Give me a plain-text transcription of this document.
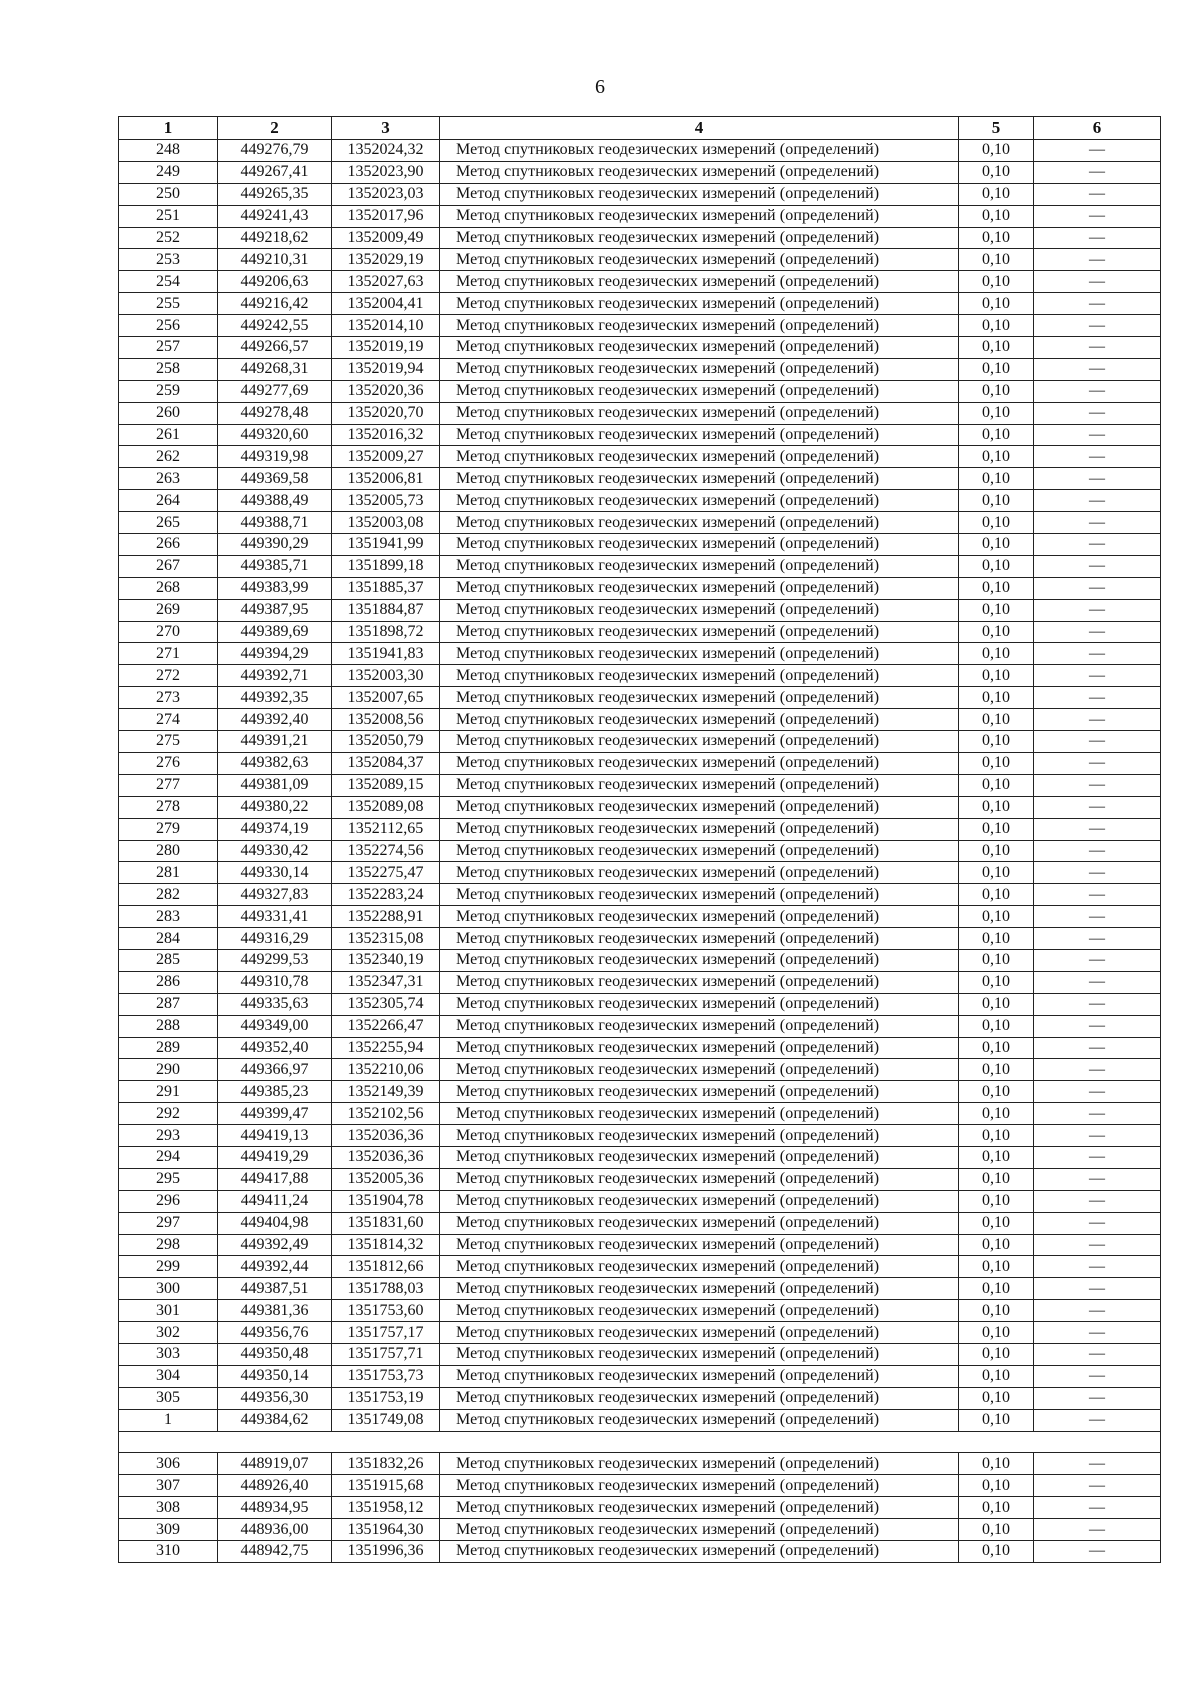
6
1	2	3	4	5	6
248	449276,79	1352024,32	Метод спутниковых геодезических измерений (определений)	0,10	—
249	449267,41	1352023,90	Метод спутниковых геодезических измерений (определений)	0,10	—
250	449265,35	1352023,03	Метод спутниковых геодезических измерений (определений)	0,10	—
251	449241,43	1352017,96	Метод спутниковых геодезических измерений (определений)	0,10	—
252	449218,62	1352009,49	Метод спутниковых геодезических измерений (определений)	0,10	—
253	449210,31	1352029,19	Метод спутниковых геодезических измерений (определений)	0,10	—
254	449206,63	1352027,63	Метод спутниковых геодезических измерений (определений)	0,10	—
255	449216,42	1352004,41	Метод спутниковых геодезических измерений (определений)	0,10	—
256	449242,55	1352014,10	Метод спутниковых геодезических измерений (определений)	0,10	—
257	449266,57	1352019,19	Метод спутниковых геодезических измерений (определений)	0,10	—
258	449268,31	1352019,94	Метод спутниковых геодезических измерений (определений)	0,10	—
259	449277,69	1352020,36	Метод спутниковых геодезических измерений (определений)	0,10	—
260	449278,48	1352020,70	Метод спутниковых геодезических измерений (определений)	0,10	—
261	449320,60	1352016,32	Метод спутниковых геодезических измерений (определений)	0,10	—
262	449319,98	1352009,27	Метод спутниковых геодезических измерений (определений)	0,10	—
263	449369,58	1352006,81	Метод спутниковых геодезических измерений (определений)	0,10	—
264	449388,49	1352005,73	Метод спутниковых геодезических измерений (определений)	0,10	—
265	449388,71	1352003,08	Метод спутниковых геодезических измерений (определений)	0,10	—
266	449390,29	1351941,99	Метод спутниковых геодезических измерений (определений)	0,10	—
267	449385,71	1351899,18	Метод спутниковых геодезических измерений (определений)	0,10	—
268	449383,99	1351885,37	Метод спутниковых геодезических измерений (определений)	0,10	—
269	449387,95	1351884,87	Метод спутниковых геодезических измерений (определений)	0,10	—
270	449389,69	1351898,72	Метод спутниковых геодезических измерений (определений)	0,10	—
271	449394,29	1351941,83	Метод спутниковых геодезических измерений (определений)	0,10	—
272	449392,71	1352003,30	Метод спутниковых геодезических измерений (определений)	0,10	—
273	449392,35	1352007,65	Метод спутниковых геодезических измерений (определений)	0,10	—
274	449392,40	1352008,56	Метод спутниковых геодезических измерений (определений)	0,10	—
275	449391,21	1352050,79	Метод спутниковых геодезических измерений (определений)	0,10	—
276	449382,63	1352084,37	Метод спутниковых геодезических измерений (определений)	0,10	—
277	449381,09	1352089,15	Метод спутниковых геодезических измерений (определений)	0,10	—
278	449380,22	1352089,08	Метод спутниковых геодезических измерений (определений)	0,10	—
279	449374,19	1352112,65	Метод спутниковых геодезических измерений (определений)	0,10	—
280	449330,42	1352274,56	Метод спутниковых геодезических измерений (определений)	0,10	—
281	449330,14	1352275,47	Метод спутниковых геодезических измерений (определений)	0,10	—
282	449327,83	1352283,24	Метод спутниковых геодезических измерений (определений)	0,10	—
283	449331,41	1352288,91	Метод спутниковых геодезических измерений (определений)	0,10	—
284	449316,29	1352315,08	Метод спутниковых геодезических измерений (определений)	0,10	—
285	449299,53	1352340,19	Метод спутниковых геодезических измерений (определений)	0,10	—
286	449310,78	1352347,31	Метод спутниковых геодезических измерений (определений)	0,10	—
287	449335,63	1352305,74	Метод спутниковых геодезических измерений (определений)	0,10	—
288	449349,00	1352266,47	Метод спутниковых геодезических измерений (определений)	0,10	—
289	449352,40	1352255,94	Метод спутниковых геодезических измерений (определений)	0,10	—
290	449366,97	1352210,06	Метод спутниковых геодезических измерений (определений)	0,10	—
291	449385,23	1352149,39	Метод спутниковых геодезических измерений (определений)	0,10	—
292	449399,47	1352102,56	Метод спутниковых геодезических измерений (определений)	0,10	—
293	449419,13	1352036,36	Метод спутниковых геодезических измерений (определений)	0,10	—
294	449419,29	1352036,36	Метод спутниковых геодезических измерений (определений)	0,10	—
295	449417,88	1352005,36	Метод спутниковых геодезических измерений (определений)	0,10	—
296	449411,24	1351904,78	Метод спутниковых геодезических измерений (определений)	0,10	—
297	449404,98	1351831,60	Метод спутниковых геодезических измерений (определений)	0,10	—
298	449392,49	1351814,32	Метод спутниковых геодезических измерений (определений)	0,10	—
299	449392,44	1351812,66	Метод спутниковых геодезических измерений (определений)	0,10	—
300	449387,51	1351788,03	Метод спутниковых геодезических измерений (определений)	0,10	—
301	449381,36	1351753,60	Метод спутниковых геодезических измерений (определений)	0,10	—
302	449356,76	1351757,17	Метод спутниковых геодезических измерений (определений)	0,10	—
303	449350,48	1351757,71	Метод спутниковых геодезических измерений (определений)	0,10	—
304	449350,14	1351753,73	Метод спутниковых геодезических измерений (определений)	0,10	—
305	449356,30	1351753,19	Метод спутниковых геодезических измерений (определений)	0,10	—
1	449384,62	1351749,08	Метод спутниковых геодезических измерений (определений)	0,10	—

306	448919,07	1351832,26	Метод спутниковых геодезических измерений (определений)	0,10	—
307	448926,40	1351915,68	Метод спутниковых геодезических измерений (определений)	0,10	—
308	448934,95	1351958,12	Метод спутниковых геодезических измерений (определений)	0,10	—
309	448936,00	1351964,30	Метод спутниковых геодезических измерений (определений)	0,10	—
310	448942,75	1351996,36	Метод спутниковых геодезических измерений (определений)	0,10	—
